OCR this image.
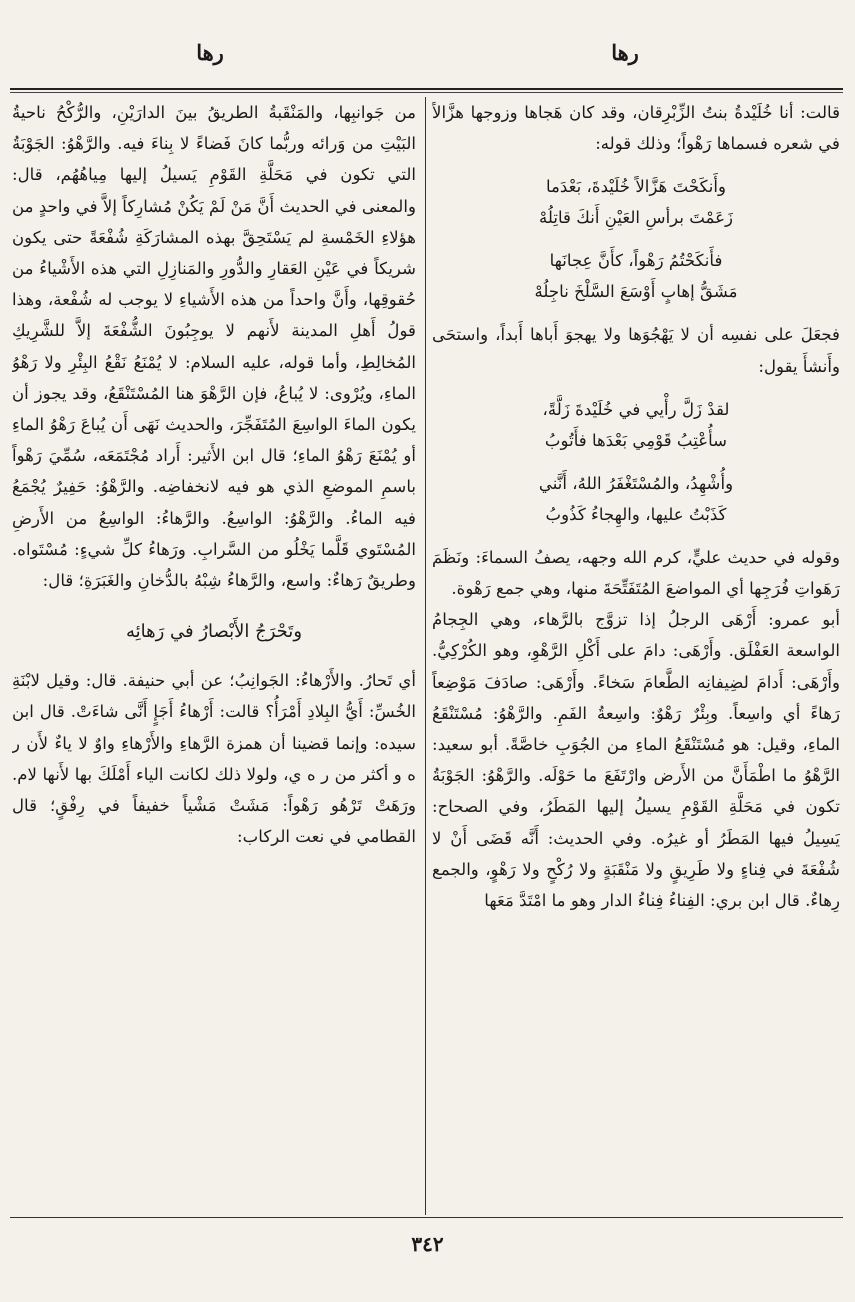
رها
رها

قالت: أنا خُلَيْدةُ بنتُ الزِّبْرِقان، وقد كان هَجاها وزوجها هزَّالاً في شعره فسماها رَهْواً؛ وذلك قوله:

وأَنكَحْتَ هَزَّالاً خُلَيْدةَ، بَعْدَما

زَعَمْتَ برأسِ العَيْنِ أَنكَ قاتِلُهْ

فأَنكَحْتُمُ رَهْواً، كأَنَّ عِجانَها

مَشَقُّ إهابٍ أَوْسَعَ السَّلْخَ ناجِلُهْ

فجعَلَ على نفسِه أن لا يَهْجُوَها ولا يهجوَ أَباها أَبداً، واستحَى وأَنشأَ يقول:

لقدْ زَلَّ رأْيي في خُلَيْدةَ زَلَّةً،

سأُعْتِبُ قَوْمِي بَعْدَها فأَتُوبُ

وأُشْهِدُ، والمُسْتَغْفَرُ اللهُ، أَنَّني

كَذَبْتُ عليها، والهِجاءُ كَذُوبُ

وقوله في حديث عليٍّ، كرم الله وجهه، يصفُ السماءَ: ونَظَمَ رَهَواتِ فُرَجِها أي المواضعَ المُتَفَتِّحَةَ منها، وهي جمع رَهْوة.

أبو عمرو: أَرْهَى الرجلُ إذا تزوَّج بالرَّهاء، وهي الجِجامُ الواسعة العَفْلَق. وأَرْهَى: دامَ على أَكْلِ الرَّهْوِ، وهو الكُرْكِيُّ. وأَرْهَى: أَدامَ لضِيفانِه الطَّعامَ سَخاءً. وأَرْهَى: صادَفَ مَوْضِعاً رَهاءً أي واسِعاً. وبِئْرٌ رَهْوٌ: واسِعةُ الفَمِ. والرَّهْوُ: مُسْتَنْقَعُ الماءِ، وقيل: هو مُسْتَنْقَعُ الماءِ من الجُوَبِ خاصَّةً. أبو سعيد: الرَّهْوُ ما اطْمَأَنَّ من الأَرض وارْتَفَعَ ما حَوْلَه. والرَّهْوُ: الجَوْبَةُ تكون في مَحَلَّةِ القَوْمِ يسيلُ إليها المَطَرُ، وفي الصحاح: يَسِيلُ فيها المَطَرُ أو غيرُه. وفي الحديث: أَنَّه قَضَى أَنْ لا شُفْعَةَ في فِناءٍ ولا طَرِيقٍ ولا مَنْقَبَةٍ ولا رُكْحٍ ولا رَهْوٍ، والجمع رِهاءٌ. قال ابن بري: الفِناءُ فِناءُ الدار وهو ما امْتَدَّ مَعَها

من جَوانبِها، والمَنْقَبةُ الطريقُ بينَ الدارَيْنِ، والرُّكْحُ ناحيةُ البَيْتِ من وَرائه وربُّما كانَ فَضاءً لا بِناءَ فيه. والرَّهْوُ: الجَوْبَةُ التي تكون في مَحَلَّةِ القَوْمِ يَسيلُ إليها مِياهُهُم، قال: والمعنى في الحديث أَنَّ مَنْ لَمْ يَكُنْ مُشارِكاً إلاَّ في واحدٍ من هؤلاءِ الخَمْسةِ لم يَسْتَحِقَّ بهذه المشارَكَةِ شُفْعَةً حتى يكون شريكاً في عَيْنِ العَقارِ والدُّورِ والمَنازِلِ التي هذه الأَشْياءُ من حُقوقِها، وأَنَّ واحداً من هذه الأَشياءِ لا يوجب له شُفْعة، وهذا قولُ أَهلِ المدينة لأَنهم لا يوجِبُونَ الشُّفْعَةَ إلاَّ للشَّرِيكِ المُخالِطِ، وأما قوله، عليه السلام: لا يُمْنَعُ نَقْعُ البِئْرِ ولا رَهْوُ الماءِ، ويُرْوى: لا يُباعُ، فإن الرَّهْوَ هنا المُسْتَنْقَعُ، وقد يجوز أن يكون الماءَ الواسِعَ المُتَفَجِّرَ، والحديث نَهَى أَن يُباعَ رَهْوُ الماءِ أو يُمْنَعَ رَهْوُ الماءِ؛ قال ابن الأَثير: أَراد مُجْتَمَعَه، سُمِّيَ رَهْواً باسمِ الموضعِ الذي هو فيه لانخفاضِه. والرَّهْوُ: حَفِيرٌ يُجْمَعُ فيه الماءُ. والرَّهْوُ: الواسِعُ. والرَّهاءُ: الواسِعُ من الأَرضِ المُسْتَوي قَلَّما يَخْلُو من السَّرابِ. ورَهاءُ كلِّ شيءٍ: مُسْتَواه. وطريقٌ رَهاءٌ: واسع، والرَّهاءُ شِبْهُ بالدُّخانِ والغَبَرَةِ؛ قال:

وتَحْرَجُ الأَبْصارُ في رَهائِه

أي تَحارُ. والأَرْهاءُ: الجَوانِبُ؛ عن أبي حنيفة. قال: وقيل لابْنَةِ الخُسِّ: أَيُّ البِلادِ أَمْرَأُ؟ قالت: أَرْهاءُ أَجَإٍ أَنَّى شاءَتْ. قال ابن سيده: وإنما قضينا أن همزة الرَّهاءِ والأَرْهاءِ واوٌ لا ياءٌ لأَن ر ه و أكثر من ر ه ي، ولولا ذلك لكانت الياء أَمْلَكَ بها لأَنها لام. ورَهَتْ تَرْهُو رَهْواً: مَشَتْ مَشْياً خفيفاً في رِفْقٍ؛ قال القطامي في نعت الركاب:

٣٤٢
